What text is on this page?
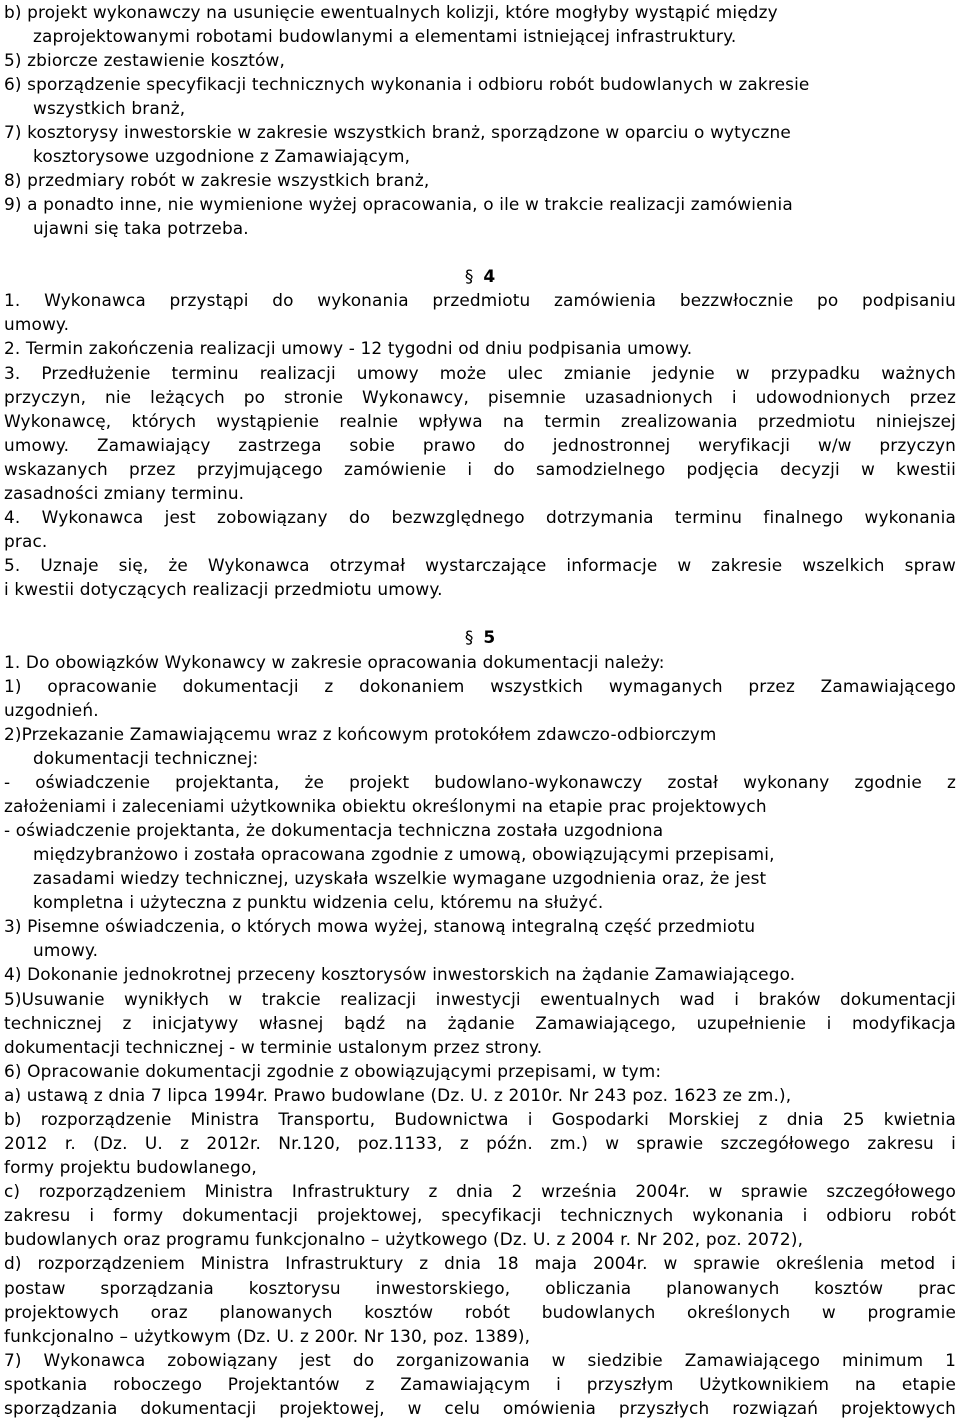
b) projekt wykonawczy na usunięcie ewentualnych kolizji, które mogłyby wystąpić między
zaprojektowanymi robotami budowlanymi a elementami istniejącej infrastruktury.
5) zbiorcze zestawienie kosztów,
6) sporządzenie specyfikacji technicznych wykonania i odbioru robót budowlanych w zakresie
wszystkich branż,
7) kosztorysy inwestorskie w zakresie wszystkich branż, sporządzone w oparciu o wytyczne
kosztorysowe uzgodnione z Zamawiającym,
8) przedmiary robót w zakresie wszystkich branż,
9) a ponadto inne, nie wymienione wyżej opracowania, o ile w trakcie realizacji zamówienia
ujawni się taka potrzeba.
§ 4
1. Wykonawca przystąpi do wykonania przedmiotu zamówienia bezzwłocznie po podpisaniu
umowy.
2. Termin zakończenia realizacji umowy - 12 tygodni od dniu podpisania umowy.
3. Przedłużenie terminu realizacji umowy może ulec zmianie jedynie w przypadku ważnych
przyczyn, nie leżących po stronie Wykonawcy, pisemnie uzasadnionych i udowodnionych przez
Wykonawcę, których wystąpienie realnie wpływa na termin zrealizowania przedmiotu niniejszej
umowy. Zamawiający zastrzega sobie prawo do jednostronnej weryfikacji w/w przyczyn
wskazanych przez przyjmującego zamówienie i do samodzielnego podjęcia decyzji w kwestii
zasadności zmiany terminu.
4. Wykonawca jest zobowiązany do bezwzględnego dotrzymania terminu finalnego wykonania
prac.
5. Uznaje się, że Wykonawca otrzymał wystarczające informacje w zakresie wszelkich spraw
i kwestii dotyczących realizacji przedmiotu umowy.
§ 5
1. Do obowiązków Wykonawcy w zakresie opracowania dokumentacji należy:
1) opracowanie dokumentacji z dokonaniem wszystkich wymaganych przez Zamawiającego
uzgodnień.
2)Przekazanie Zamawiającemu wraz z końcowym protokółem zdawczo-odbiorczym
dokumentacji technicznej:
- oświadczenie projektanta, że projekt budowlano-wykonawczy został wykonany zgodnie z
założeniami i zaleceniami użytkownika obiektu określonymi na etapie prac projektowych
- oświadczenie projektanta, że dokumentacja techniczna została uzgodniona
międzybranżowo i została opracowana zgodnie z umową, obowiązującymi przepisami,
zasadami wiedzy technicznej, uzyskała wszelkie wymagane uzgodnienia oraz, że jest
kompletna i użyteczna z punktu widzenia celu, któremu na służyć.
3) Pisemne oświadczenia, o których mowa wyżej, stanową integralną część przedmiotu
umowy.
4) Dokonanie jednokrotnej przeceny kosztorysów inwestorskich na żądanie Zamawiającego.
5)Usuwanie wynikłych w trakcie realizacji inwestycji ewentualnych wad i braków dokumentacji
technicznej z inicjatywy własnej bądź na żądanie Zamawiającego, uzupełnienie i modyfikacja
dokumentacji technicznej - w terminie ustalonym przez strony.
6) Opracowanie dokumentacji zgodnie z obowiązującymi przepisami, w tym:
a) ustawą z dnia 7 lipca 1994r. Prawo budowlane (Dz. U. z 2010r. Nr 243 poz. 1623 ze zm.),
b) rozporządzenie Ministra Transportu, Budownictwa i Gospodarki Morskiej z dnia 25 kwietnia
2012 r. (Dz. U. z 2012r. Nr.120, poz.1133, z późn. zm.) w sprawie szczegółowego zakresu i
formy projektu budowlanego,
c) rozporządzeniem Ministra Infrastruktury z dnia 2 września 2004r. w sprawie szczegółowego
zakresu i formy dokumentacji projektowej, specyfikacji technicznych wykonania i odbioru robót
budowlanych oraz programu funkcjonalno – użytkowego (Dz. U. z 2004 r. Nr 202, poz. 2072),
d) rozporządzeniem Ministra Infrastruktury z dnia 18 maja 2004r. w sprawie określenia metod i
postaw sporządzania kosztorysu inwestorskiego, obliczania planowanych kosztów prac
projektowych oraz planowanych kosztów robót budowlanych określonych w programie
funkcjonalno – użytkowym (Dz. U. z 200r. Nr 130, poz. 1389),
7) Wykonawca zobowiązany jest do zorganizowania w siedzibie Zamawiającego minimum 1
spotkania roboczego Projektantów z Zamawiającym i przyszłym Użytkownikiem na etapie
sporządzania dokumentacji projektowej, w celu omówienia przyszłych rozwiązań projektowych
